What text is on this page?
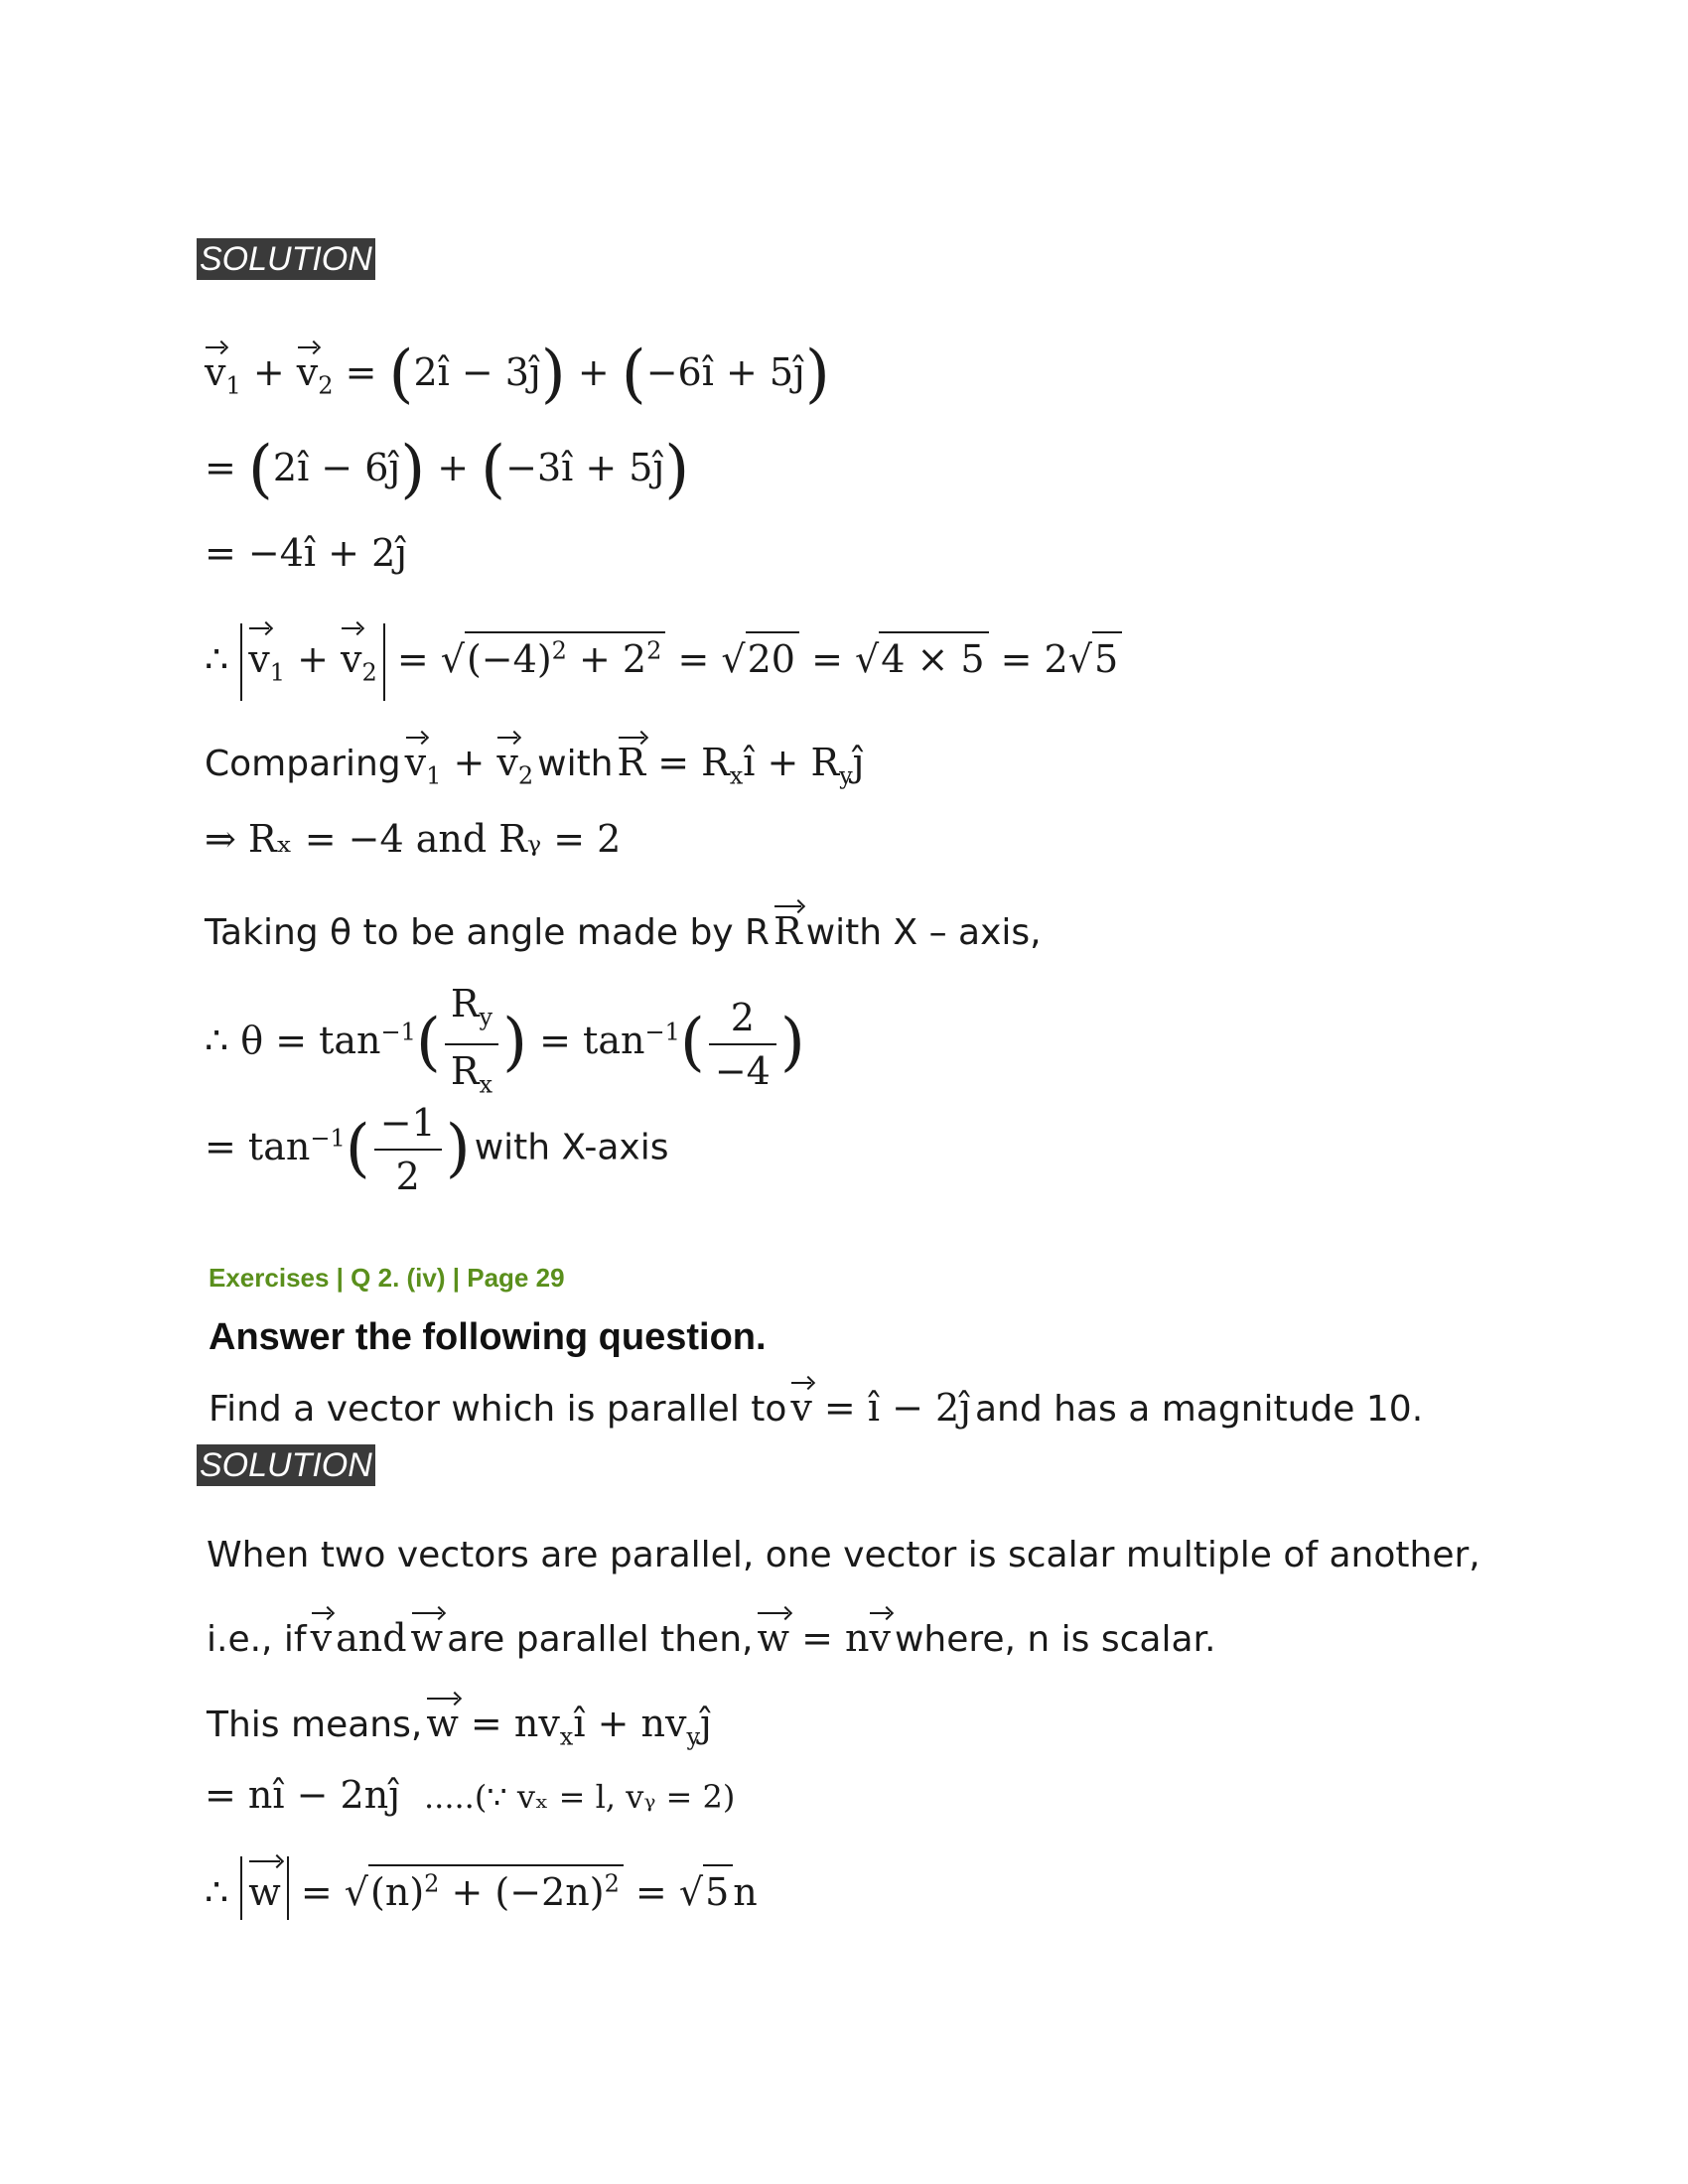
SOLUTION
$v_1 + v_2$ = (2î − 3ĵ) + (−6î + 5ĵ)
= (2î − 6ĵ) + (−3î + 5ĵ)
= −4î + 2ĵ
∴ $v_1 + v_2 = √(-4)^2 + 2^2 = √20 = √4 \times 5 = 2√5$
Comparing $v_1 + v_2$ with $R = R_xî$ + $R_yĵ$
⇒ Rₓ = −4 and Rᵧ = 2
Taking θ to be angle made by R R with X – axis,
∴ $\theta = \tan^{-1}( \frac{R_y}{R_x}$ ) = $\tan^{-1}( \frac{2}{-4}$ )
= $\tan^{-1}( \frac{-1}{2}$ ) with X-axis
Exercises | Q 2. (iv) | Page 29
Answer the following question.
Find a vector which is parallel to v = î − 2ĵ and has a magnitude 10.
SOLUTION
When two vectors are parallel, one vector is scalar multiple of another,
i.e., if v and w are parallel then, w = nv where, n is scalar.
This means, $w = nv_xî$ + $nv_yĵ$
= nî − 2nĵ .....(∵ vₓ = l, vᵧ = 2)
∴ $w = √(n)^2 + (-2n)^2 = √5$ n
